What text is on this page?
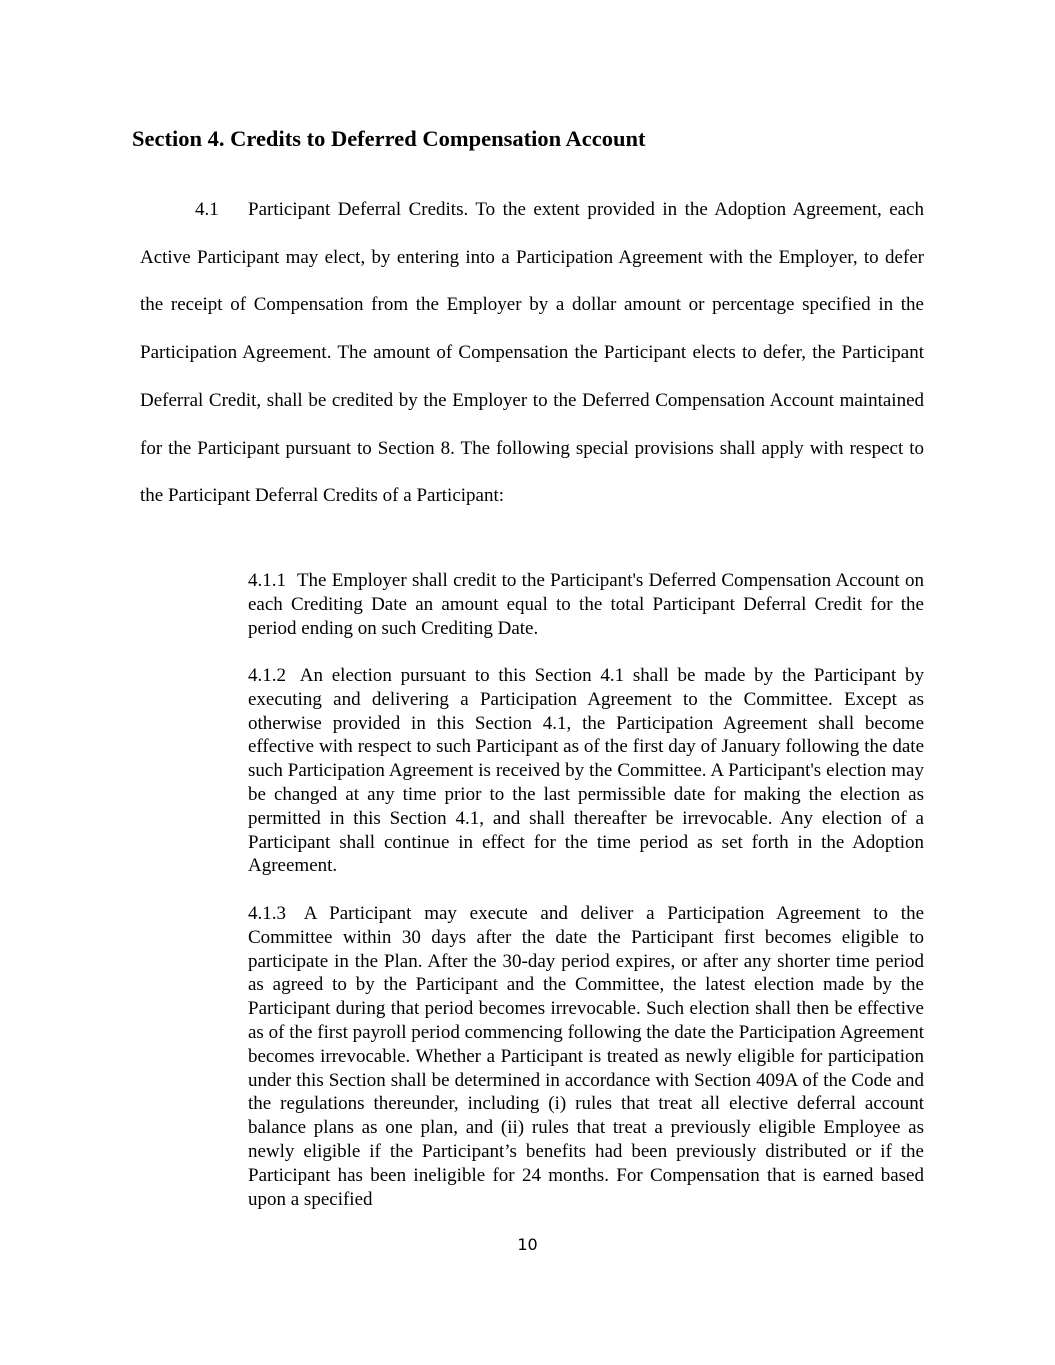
Section 4. Credits to Deferred Compensation Account

4.1 Participant Deferral Credits. To the extent provided in the Adoption Agreement, each Active Participant may elect, by entering into a Participation Agreement with the Employer, to defer the receipt of Compensation from the Employer by a dollar amount or percentage specified in the Participation Agreement. The amount of Compensation the Participant elects to defer, the Participant Deferral Credit, shall be credited by the Employer to the Deferred Compensation Account maintained for the Participant pursuant to Section 8. The following special provisions shall apply with respect to the Participant Deferral Credits of a Participant:

4.1.1 The Employer shall credit to the Participant's Deferred Compensation Account on each Crediting Date an amount equal to the total Participant Deferral Credit for the period ending on such Crediting Date.

4.1.2 An election pursuant to this Section 4.1 shall be made by the Participant by executing and delivering a Participation Agreement to the Committee. Except as otherwise provided in this Section 4.1, the Participation Agreement shall become effective with respect to such Participant as of the first day of January following the date such Participation Agreement is received by the Committee. A Participant's election may be changed at any time prior to the last permissible date for making the election as permitted in this Section 4.1, and shall thereafter be irrevocable. Any election of a Participant shall continue in effect for the time period as set forth in the Adoption Agreement.

4.1.3 A Participant may execute and deliver a Participation Agreement to the Committee within 30 days after the date the Participant first becomes eligible to participate in the Plan. After the 30-day period expires, or after any shorter time period as agreed to by the Participant and the Committee, the latest election made by the Participant during that period becomes irrevocable. Such election shall then be effective as of the first payroll period commencing following the date the Participation Agreement becomes irrevocable. Whether a Participant is treated as newly eligible for participation under this Section shall be determined in accordance with Section 409A of the Code and the regulations thereunder, including (i) rules that treat all elective deferral account balance plans as one plan, and (ii) rules that treat a previously eligible Employee as newly eligible if the Participant’s benefits had been previously distributed or if the Participant has been ineligible for 24 months. For Compensation that is earned based upon a specified

10
